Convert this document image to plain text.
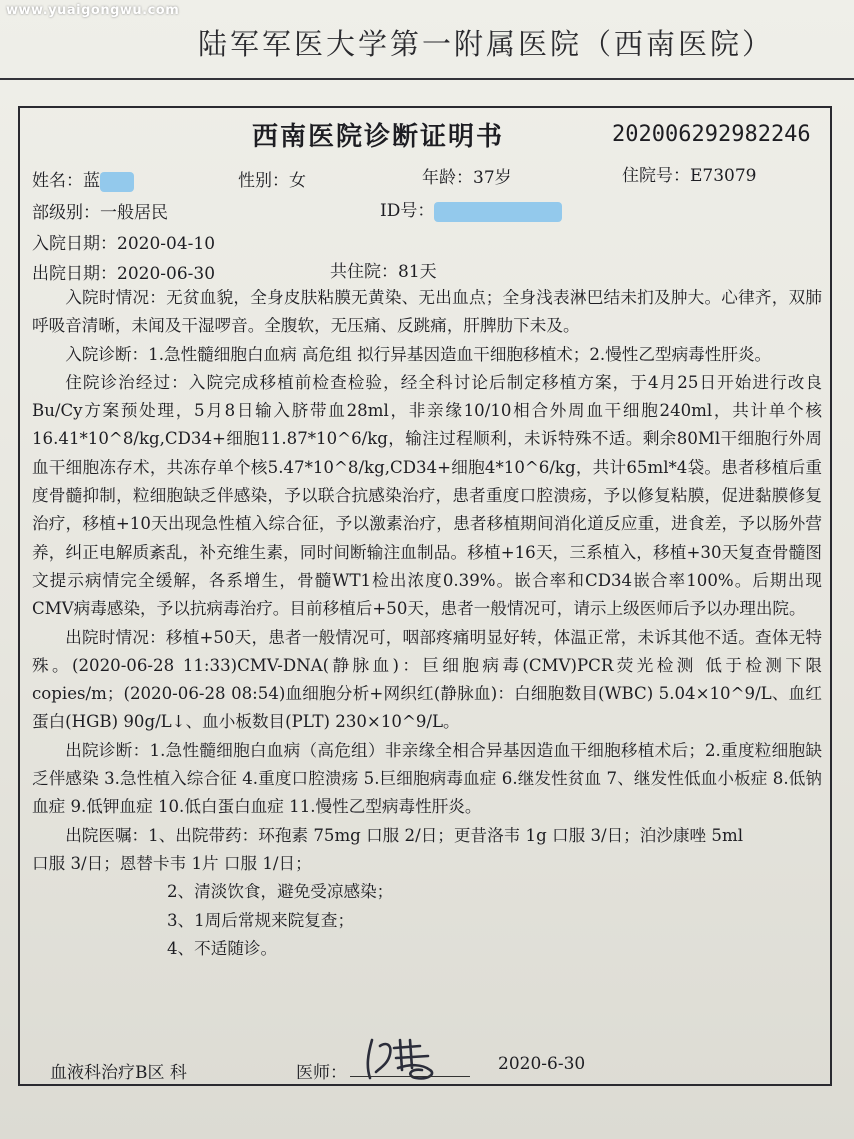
www.yuaigongwu.com
陆军军医大学第一附属医院（西南医院）
西南医院诊断证明书	202006292982246
姓名：蓝	性别：女	年龄：37岁	住院号：E73079
部级别：一般居民	ID号：
入院日期：2020-04-10
出院日期：2020-06-30	共住院：81天

入院时情况：无贫血貌，全身皮肤粘膜无黄染、无出血点；全身浅表淋巴结未扪及肿大。心律齐，双肺呼吸音清晰，未闻及干湿啰音。全腹软，无压痛、反跳痛，肝脾肋下未及。

入院诊断：1.急性髓细胞白血病 高危组 拟行异基因造血干细胞移植术；2.慢性乙型病毒性肝炎。

住院诊治经过：入院完成移植前检查检验，经全科讨论后制定移植方案，于4月25日开始进行改良Bu/Cy方案预处理，5月8日输入脐带血28ml，非亲缘10/10相合外周血干细胞240ml，共计单个核16.41*10^8/kg,CD34+细胞11.87*10^6/kg，输注过程顺利，未诉特殊不适。剩余80Ml干细胞行外周血干细胞冻存术，共冻存单个核5.47*10^8/kg,CD34+细胞4*10^6/kg，共计65ml*4袋。患者移植后重度骨髓抑制，粒细胞缺乏伴感染，予以联合抗感染治疗，患者重度口腔溃疡，予以修复粘膜，促进黏膜修复治疗，移植+10天出现急性植入综合征，予以激素治疗，患者移植期间消化道反应重，进食差，予以肠外营养，纠正电解质紊乱，补充维生素，同时间断输注血制品。移植+16天，三系植入，移植+30天复查骨髓图文提示病情完全缓解，各系增生，骨髓WT1检出浓度0.39%。嵌合率和CD34嵌合率100%。后期出现CMV病毒感染，予以抗病毒治疗。目前移植后+50天，患者一般情况可，请示上级医师后予以办理出院。

出院时情况：移植+50天，患者一般情况可，咽部疼痛明显好转，体温正常，未诉其他不适。查体无特殊。(2020-06-28 11:33)CMV-DNA(静脉血)：巨细胞病毒(CMV)PCR荧光检测 低于检测下限copies/m；(2020-06-28 08:54)血细胞分析+网织红(静脉血)：白细胞数目(WBC) 5.04×10^9/L、血红蛋白(HGB) 90g/L↓、血小板数目(PLT) 230×10^9/L。

出院诊断：1.急性髓细胞白血病（高危组）非亲缘全相合异基因造血干细胞移植术后；2.重度粒细胞缺乏伴感染 3.急性植入综合征 4.重度口腔溃疡 5.巨细胞病毒血症 6.继发性贫血 7、继发性低血小板症 8.低钠血症 9.低钾血症 10.低白蛋白血症 11.慢性乙型病毒性肝炎。

出院医嘱：1、出院带药：环孢素 75mg 口服 2/日；更昔洛韦 1g 口服 3/日；泊沙康唑 5ml

口服 3/日；恩替卡韦 1片 口服 1/日；

2、清淡饮食，避免受凉感染；

3、1周后常规来院复查；

4、不适随诊。

血液科治疗B区 科	医师：	2020-6-30
